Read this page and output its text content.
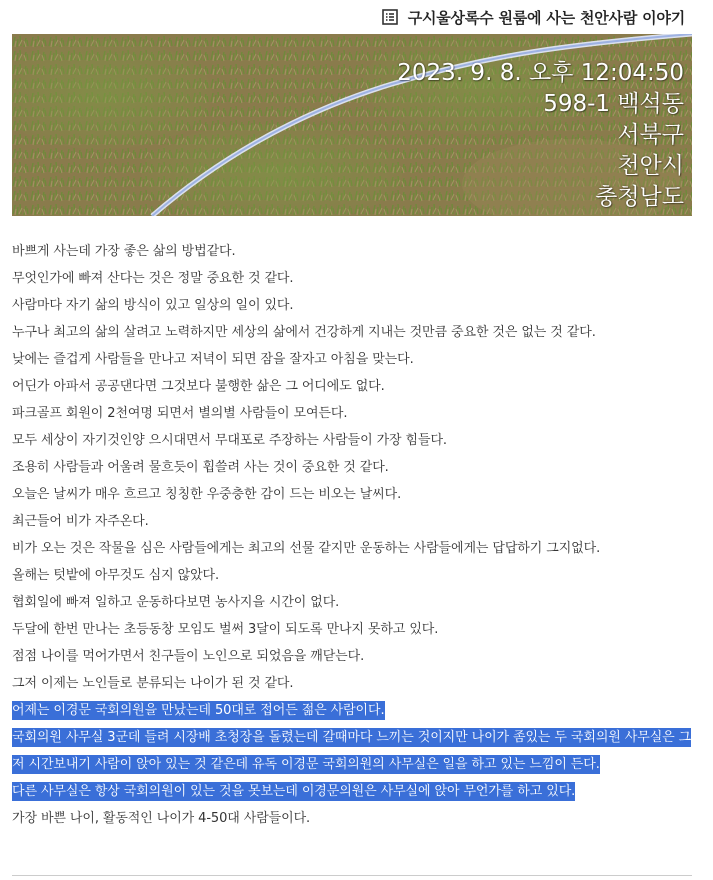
구시울상록수 원룸에 사는 천안사람 이야기
2023. 9. 8. 오후 12:04:50
598-1 백석동
서북구
천안시
충청남도
바쁘게 사는데 가장 좋은 삶의 방법같다.
무엇인가에 빠져 산다는 것은 정말 중요한 것 같다.
사람마다 자기 삶의 방식이 있고 일상의 일이 있다.
누구나 최고의 삶의 살려고 노력하지만 세상의 삶에서 건강하게 지내는 것만큼 중요한 것은 없는 것 같다.
낮에는 즐겁게 사람들을 만나고 저녁이 되면 잠을 잘자고 아침을 맞는다.
어딘가 아파서 공공댄다면 그것보다 불행한 삶은 그 어디에도 없다.
파크골프 회원이 2천여명 되면서 별의별 사람들이 모여든다.
모두 세상이 자기것인양 으시대면서 무대포로 주장하는 사람들이 가장 힘들다.
조용히 사람들과 어울려 물흐듯이 휩쓸려 사는 것이 중요한 것 같다.
오늘은 날씨가 매우 흐르고 칭칭한 우중충한 감이 드는 비오는 날씨다.
최근들어 비가 자주온다.
비가 오는 것은 작물을 심은 사람들에게는 최고의 선물 같지만 운동하는 사람들에게는 답답하기 그지없다.
올해는 텃밭에 아무것도 심지 않았다.
협회일에 빠져 일하고 운동하다보면 농사지을 시간이 없다.
두달에 한번 만나는 초등동창 모임도 벌써 3달이 되도록 만나지 못하고 있다.
점점 나이를 먹어가면서 친구들이 노인으로 되었음을 깨닫는다.
그저 이제는 노인들로 분류되는 나이가 된 것 같다.
어제는 이경문 국회의원을 만났는데 50대로 접어든 젊은 사람이다.
국회의원 사무실 3군데 들려 시장배 초청장을 돌렸는데 갈때마다 느끼는 것이지만 나이가 좀있는 두 국회의원 사무실은 그저 시간보내기 사람이 앉아 있는 것 같은데 유독 이경문 국회의원의 사무실은 일을 하고 있는 느낌이 든다.
다른 사무실은 항상 국회의원이 있는 것을 못보는데 이경문의원은 사무실에 앉아 무언가를 하고 있다.
가장 바쁜 나이, 활동적인 나이가 4-50대 사람들이다.
